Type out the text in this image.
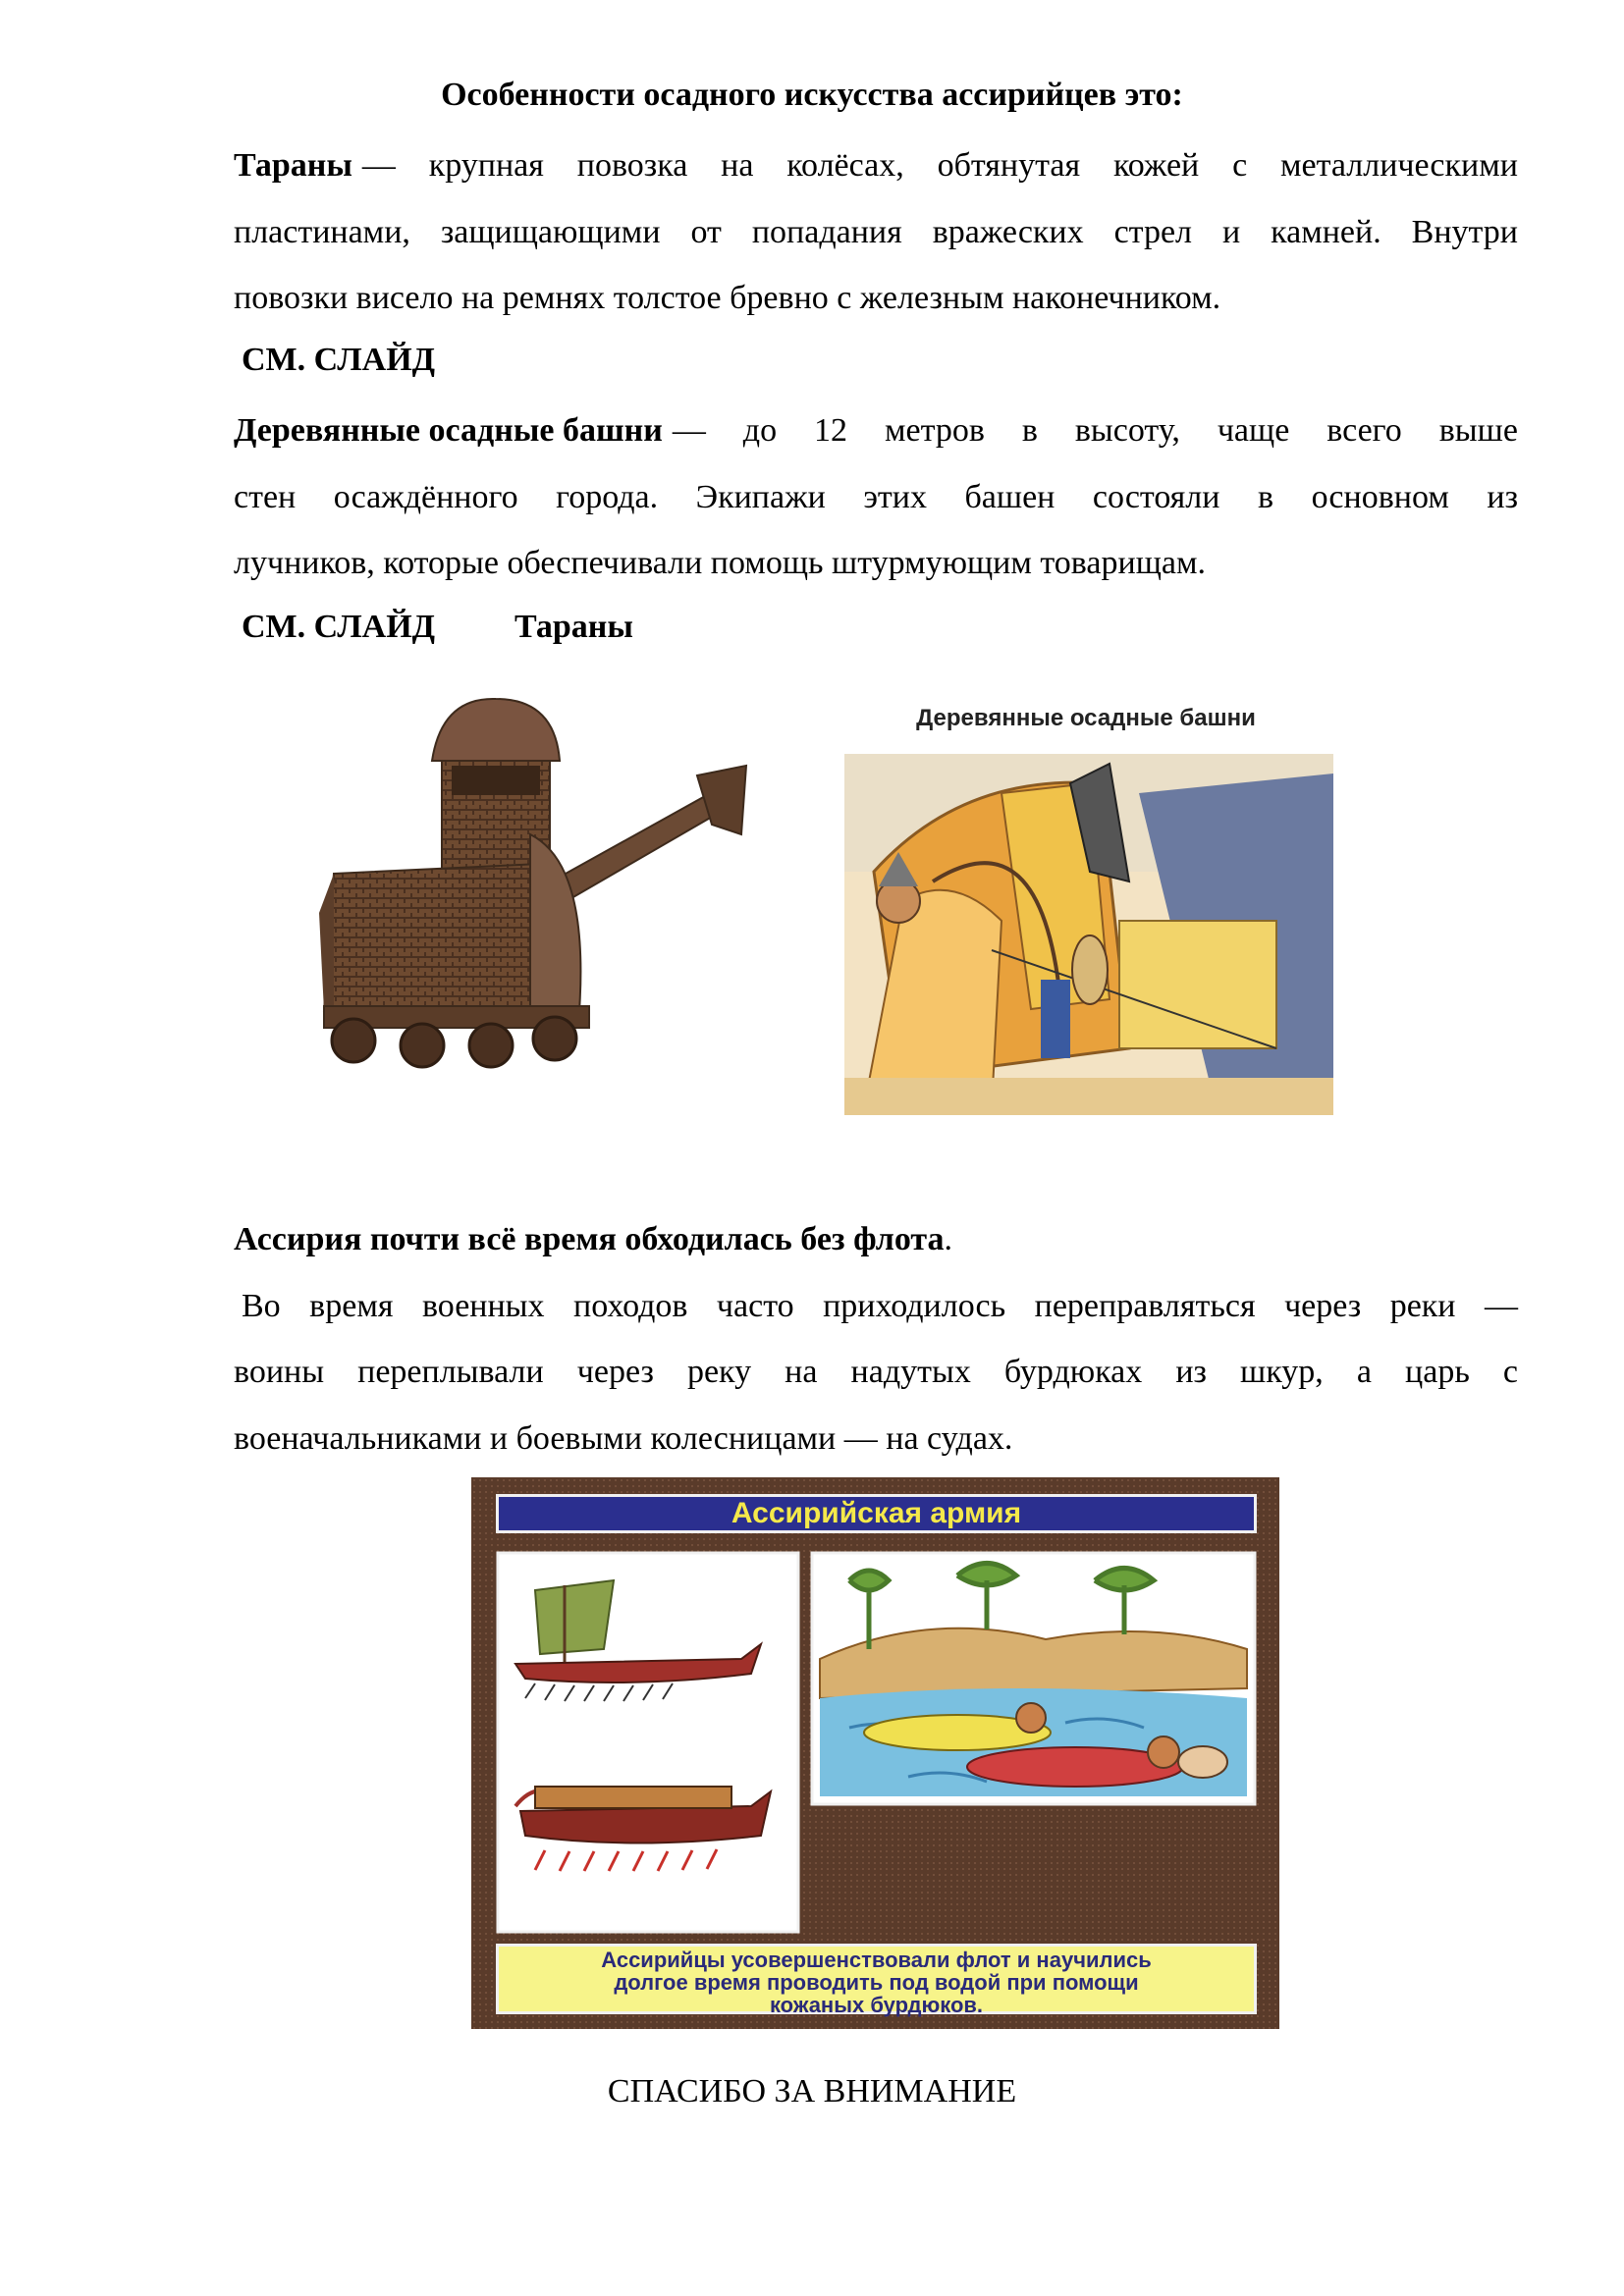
Особенности осадного искусства ассирийцев это:
Тараны — крупная повозка на колёсах, обтянутая кожей с металлическими
пластинами, защищающими от попадания вражеских стрел и камней. Внутри
повозки висело на ремнях толстое бревно с железным наконечником.
СМ. СЛАЙД
Деревянные осадные башни — до 12 метров в высоту, чаще всего выше
стен осаждённого города. Экипажи этих башен состояли в основном из
лучников, которые обеспечивали помощь штурмующим товарищам.
СМ. СЛАЙД Тараны
Деревянные осадные башни
Ассирия почти всё время обходилась без флота.
Во время военных походов часто приходилось переправляться через реки —
воины переплывали через реку на надутых бурдюках из шкур, а царь с
военачальниками и боевыми колесницами — на судах.
Ассирийская армия
Ассирийцы усовершенствовали флот и научились
долгое время проводить под водой при помощи
кожаных бурдюков.
СПАСИБО ЗА ВНИМАНИЕ
